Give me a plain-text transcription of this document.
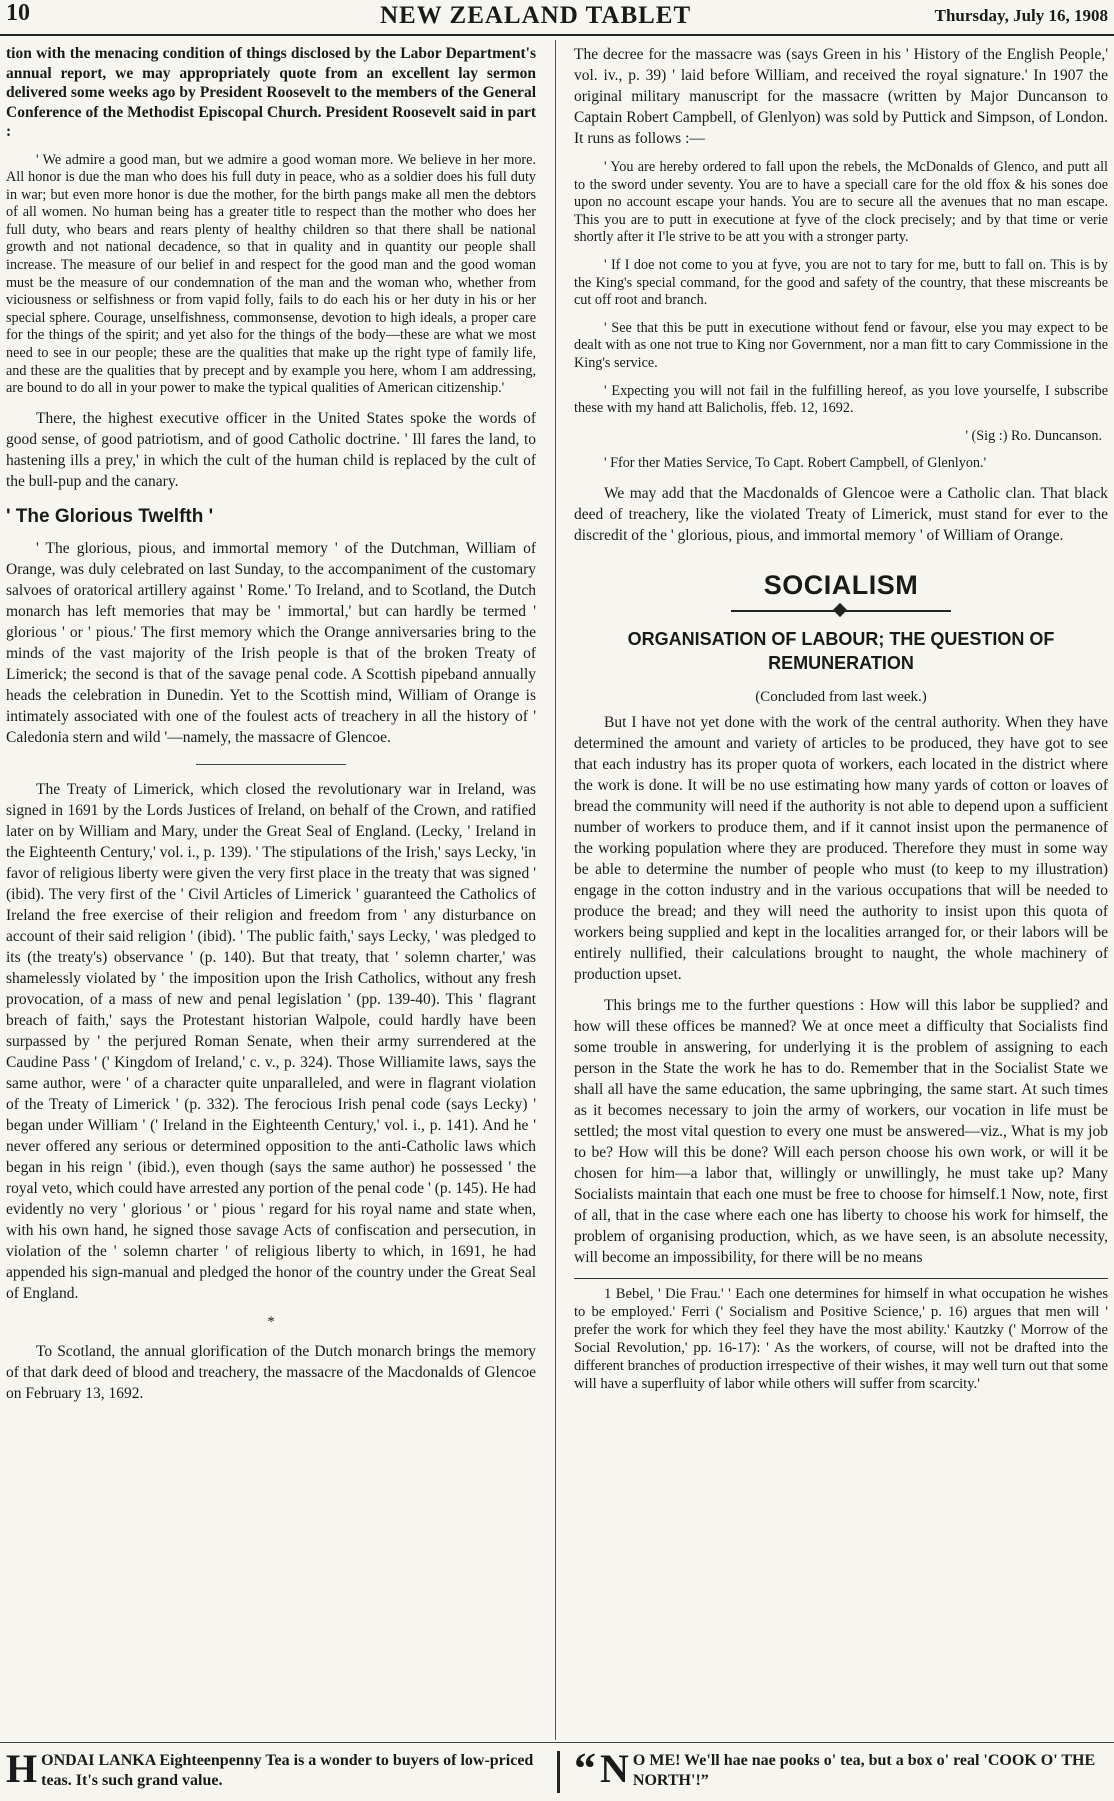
10	NEW ZEALAND TABLET	Thursday, July 16, 1908

tion with the menacing condition of things disclosed by the Labor Department's annual report, we may appropriately quote from an excellent lay sermon delivered some weeks ago by President Roosevelt to the members of the General Conference of the Methodist Episcopal Church. President Roosevelt said in part :

' We admire a good man, but we admire a good woman more. We believe in her more. All honor is due the man who does his full duty in peace, who as a soldier does his full duty in war; but even more honor is due the mother, for the birth pangs make all men the debtors of all women. No human being has a greater title to respect than the mother who does her full duty, who bears and rears plenty of healthy children so that there shall be national growth and not national decadence, so that in quality and in quantity our people shall increase. The measure of our belief in and respect for the good man and the good woman must be the measure of our condemnation of the man and the woman who, whether from viciousness or selfishness or from vapid folly, fails to do each his or her duty in his or her special sphere. Courage, unselfishness, commonsense, devotion to high ideals, a proper care for the things of the spirit; and yet also for the things of the body—these are what we most need to see in our people; these are the qualities that make up the right type of family life, and these are the qualities that by precept and by example you here, whom I am addressing, are bound to do all in your power to make the typical qualities of American citizenship.'

There, the highest executive officer in the United States spoke the words of good sense, of good patriotism, and of good Catholic doctrine. ' Ill fares the land, to hastening ills a prey,' in which the cult of the human child is replaced by the cult of the bull-pup and the canary.

' The Glorious Twelfth '

' The glorious, pious, and immortal memory ' of the Dutchman, William of Orange, was duly celebrated on last Sunday, to the accompaniment of the customary salvoes of oratorical artillery against ' Rome.' To Ireland, and to Scotland, the Dutch monarch has left memories that may be ' immortal,' but can hardly be termed ' glorious ' or ' pious.' The first memory which the Orange anniversaries bring to the minds of the vast majority of the Irish people is that of the broken Treaty of Limerick; the second is that of the savage penal code. A Scottish pipeband annually heads the celebration in Dunedin. Yet to the Scottish mind, William of Orange is intimately associated with one of the foulest acts of treachery in all the history of ' Caledonia stern and wild '—namely, the massacre of Glencoe.

The Treaty of Limerick, which closed the revolutionary war in Ireland, was signed in 1691 by the Lords Justices of Ireland, on behalf of the Crown, and ratified later on by William and Mary, under the Great Seal of England. (Lecky, ' Ireland in the Eighteenth Century,' vol. i., p. 139). ' The stipulations of the Irish,' says Lecky, 'in favor of religious liberty were given the very first place in the treaty that was signed ' (ibid). The very first of the ' Civil Articles of Limerick ' guaranteed the Catholics of Ireland the free exercise of their religion and freedom from ' any disturbance on account of their said religion ' (ibid). ' The public faith,' says Lecky, ' was pledged to its (the treaty's) observance ' (p. 140). But that treaty, that ' solemn charter,' was shamelessly violated by ' the imposition upon the Irish Catholics, without any fresh provocation, of a mass of new and penal legislation ' (pp. 139-40). This ' flagrant breach of faith,' says the Protestant historian Walpole, could hardly have been surpassed by ' the perjured Roman Senate, when their army surrendered at the Caudine Pass ' (' Kingdom of Ireland,' c. v., p. 324). Those Williamite laws, says the same author, were ' of a character quite unparalleled, and were in flagrant violation of the Treaty of Limerick ' (p. 332). The ferocious Irish penal code (says Lecky) ' began under William ' (' Ireland in the Eighteenth Century,' vol. i., p. 141). And he ' never offered any serious or determined opposition to the anti-Catholic laws which began in his reign ' (ibid.), even though (says the same author) he possessed ' the royal veto, which could have arrested any portion of the penal code ' (p. 145). He had evidently no very ' glorious ' or ' pious ' regard for his royal name and state when, with his own hand, he signed those savage Acts of confiscation and persecution, in violation of the ' solemn charter ' of religious liberty to which, in 1691, he had appended his sign-manual and pledged the honor of the country under the Great Seal of England.

*

To Scotland, the annual glorification of the Dutch monarch brings the memory of that dark deed of blood and treachery, the massacre of the Macdonalds of Glencoe on February 13, 1692.

The decree for the massacre was (says Green in his ' History of the English People,' vol. iv., p. 39) ' laid before William, and received the royal signature.' In 1907 the original military manuscript for the massacre (written by Major Duncanson to Captain Robert Campbell, of Glenlyon) was sold by Puttick and Simpson, of London. It runs as follows :—

' You are hereby ordered to fall upon the rebels, the McDonalds of Glenco, and putt all to the sword under seventy. You are to have a speciall care for the old ffox & his sones doe upon no account escape your hands. You are to secure all the avenues that no man escape. This you are to putt in executione at fyve of the clock precisely; and by that time or verie shortly after it I'le strive to be att you with a stronger party.

' If I doe not come to you at fyve, you are not to tary for me, butt to fall on. This is by the King's special command, for the good and safety of the country, that these miscreants be cut off root and branch.

' See that this be putt in executione without fend or favour, else you may expect to be dealt with as one not true to King nor Government, nor a man fitt to cary Commissione in the King's service.

' Expecting you will not fail in the fulfilling hereof, as you love yourselfe, I subscribe these with my hand att Balicholis, ffeb. 12, 1692.

' (Sig :) Ro. Duncanson.

' Ffor ther Maties Service, To Capt. Robert Campbell, of Glenlyon.'

We may add that the Macdonalds of Glencoe were a Catholic clan. That black deed of treachery, like the violated Treaty of Limerick, must stand for ever to the discredit of the ' glorious, pious, and immortal memory ' of William of Orange.

SOCIALISM
ORGANISATION OF LABOUR; THE QUESTION OF REMUNERATION
(Concluded from last week.)

But I have not yet done with the work of the central authority. When they have determined the amount and variety of articles to be produced, they have got to see that each industry has its proper quota of workers, each located in the district where the work is done. It will be no use estimating how many yards of cotton or loaves of bread the community will need if the authority is not able to depend upon a sufficient number of workers to produce them, and if it cannot insist upon the permanence of the working population where they are produced. Therefore they must in some way be able to determine the number of people who must (to keep to my illustration) engage in the cotton industry and in the various occupations that will be needed to produce the bread; and they will need the authority to insist upon this quota of workers being supplied and kept in the localities arranged for, or their labors will be entirely nullified, their calculations brought to naught, the whole machinery of production upset.

This brings me to the further questions : How will this labor be supplied? and how will these offices be manned? We at once meet a difficulty that Socialists find some trouble in answering, for underlying it is the problem of assigning to each person in the State the work he has to do. Remember that in the Socialist State we shall all have the same education, the same upbringing, the same start. At such times as it becomes necessary to join the army of workers, our vocation in life must be settled; the most vital question to every one must be answered—viz., What is my job to be? How will this be done? Will each person choose his own work, or will it be chosen for him—a labor that, willingly or unwillingly, he must take up? Many Socialists maintain that each one must be free to choose for himself.1 Now, note, first of all, that in the case where each one has liberty to choose his work for himself, the problem of organising production, which, as we have seen, is an absolute necessity, will become an impossibility, for there will be no means

1 Bebel, ' Die Frau.' ' Each one determines for himself in what occupation he wishes to be employed.' Ferri (' Socialism and Positive Science,' p. 16) argues that men will ' prefer the work for which they feel they have the most ability.' Kautzky (' Morrow of the Social Revolution,' pp. 16-17): ' As the workers, of course, will not be drafted into the different branches of production irrespective of their wishes, it may well turn out that some will have a superfluity of labor while others will suffer from scarcity.'

H ONDAI LANKA Eighteenpenny Tea is a wonder to buyers of low-priced teas. It's such grand value.	“ N O ME! We'll hae nae pooks o' tea, but a box o' real 'COOK O' THE NORTH'!”
